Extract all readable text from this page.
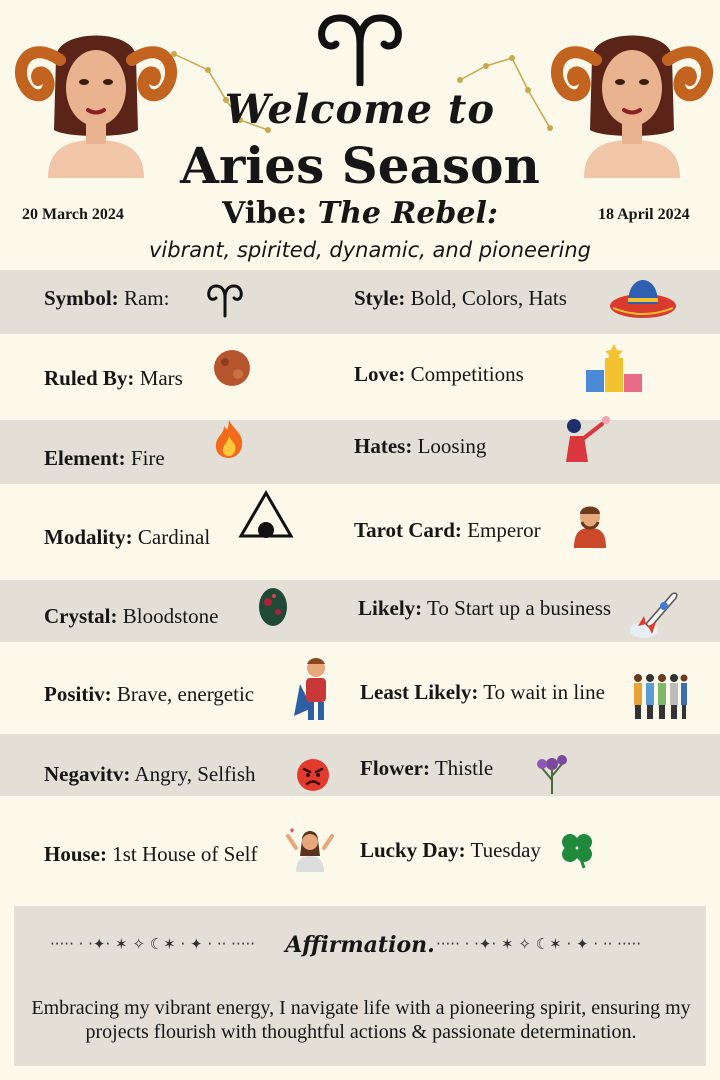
Welcome to
Aries Season
20 March 2024	18 April 2024
Vibe: The Rebel:
vibrant, spirited, dynamic, and pioneering
Symbol: Ram:
Ruled By: Mars
Element: Fire
Modality: Cardinal
Crystal: Bloodstone
Positiv: Brave, energetic
Negavitv: Angry, Selfish
House: 1st House of Self
Style: Bold, Colors, Hats
Love: Competitions
Hates: Loosing
Tarot Card: Emperor
Likely: To Start up a business
Least Likely: To wait in line
Flower: Thistle
Lucky Day: Tuesday
····· · ·✦· ✶ ✧ ☾✶ · ✦ · ·· ·····	····· · ·✦· ✶ ✧ ☾✶ · ✦ · ·· ·····
Affirmation.
Embracing my vibrant energy, I navigate life with a pioneering spirit, ensuring my projects flourish with thoughtful actions & passionate determination.
